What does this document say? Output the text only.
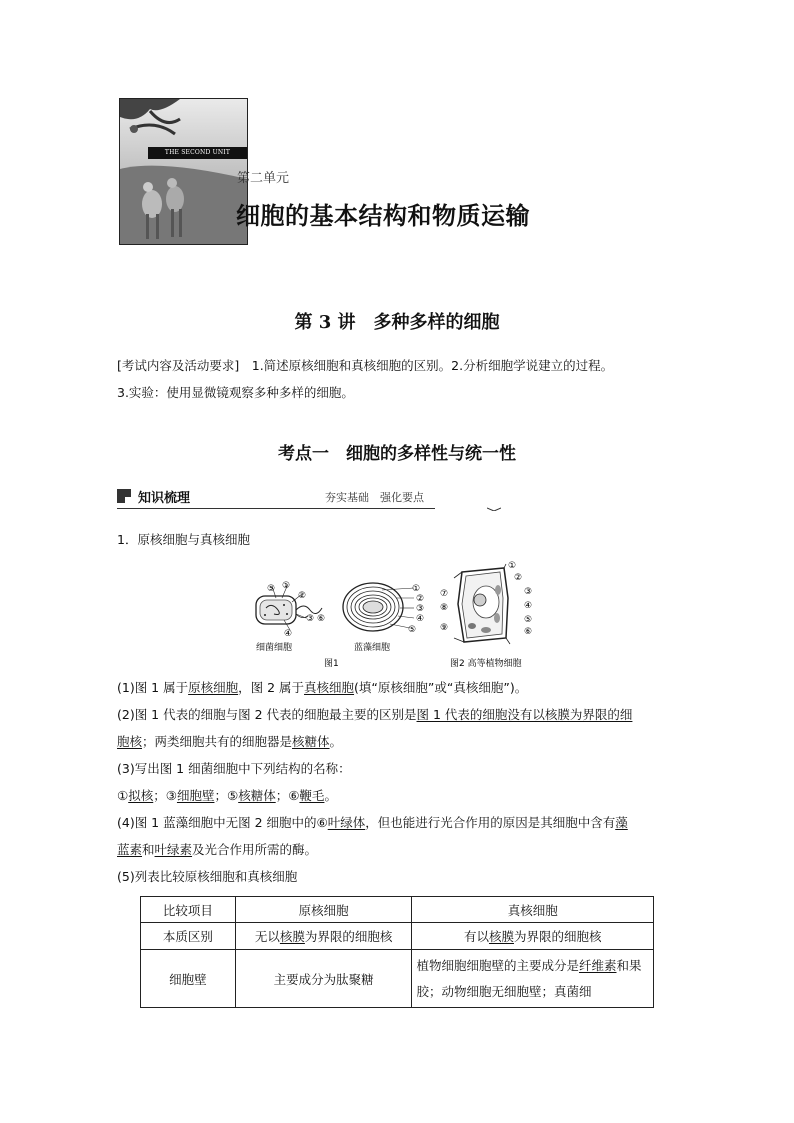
THE SECOND UNIT
第二单元
细胞的基本结构和物质运输
第 3 讲　多种多样的细胞
[考试内容及活动要求]　1.简述原核细胞和真核细胞的区别。2.分析细胞学说建立的过程。
3.实验：使用显微镜观察多种多样的细胞。
考点一　细胞的多样性与统一性
知识梳理	夯实基础　强化要点
1．原核细胞与真核细胞
⑤ ①
②
③ ⑥
④
①
②
③
④
⑤
①
②
③
④
⑤
⑥
⑦
⑧
⑨
细菌细胞	蓝藻细胞
图1	图2 高等植物细胞
(1)图 1 属于原核细胞，图 2 属于真核细胞(填“原核细胞”或“真核细胞”)。
(2)图 1 代表的细胞与图 2 代表的细胞最主要的区别是图 1 代表的细胞没有以核膜为界限的细
胞核；两类细胞共有的细胞器是核糖体。
(3)写出图 1 细菌细胞中下列结构的名称：
①拟核；③细胞壁；⑤核糖体；⑥鞭毛。
(4)图 1 蓝藻细胞中无图 2 细胞中的⑥叶绿体，但也能进行光合作用的原因是其细胞中含有藻
蓝素和叶绿素及光合作用所需的酶。
(5)列表比较原核细胞和真核细胞
比较项目	原核细胞	真核细胞
本质区别	无以核膜为界限的细胞核	有以核膜为界限的细胞核
细胞壁	主要成分为肽聚糖	植物细胞细胞壁的主要成分是纤维素和果胶；动物细胞无细胞壁；真菌细
